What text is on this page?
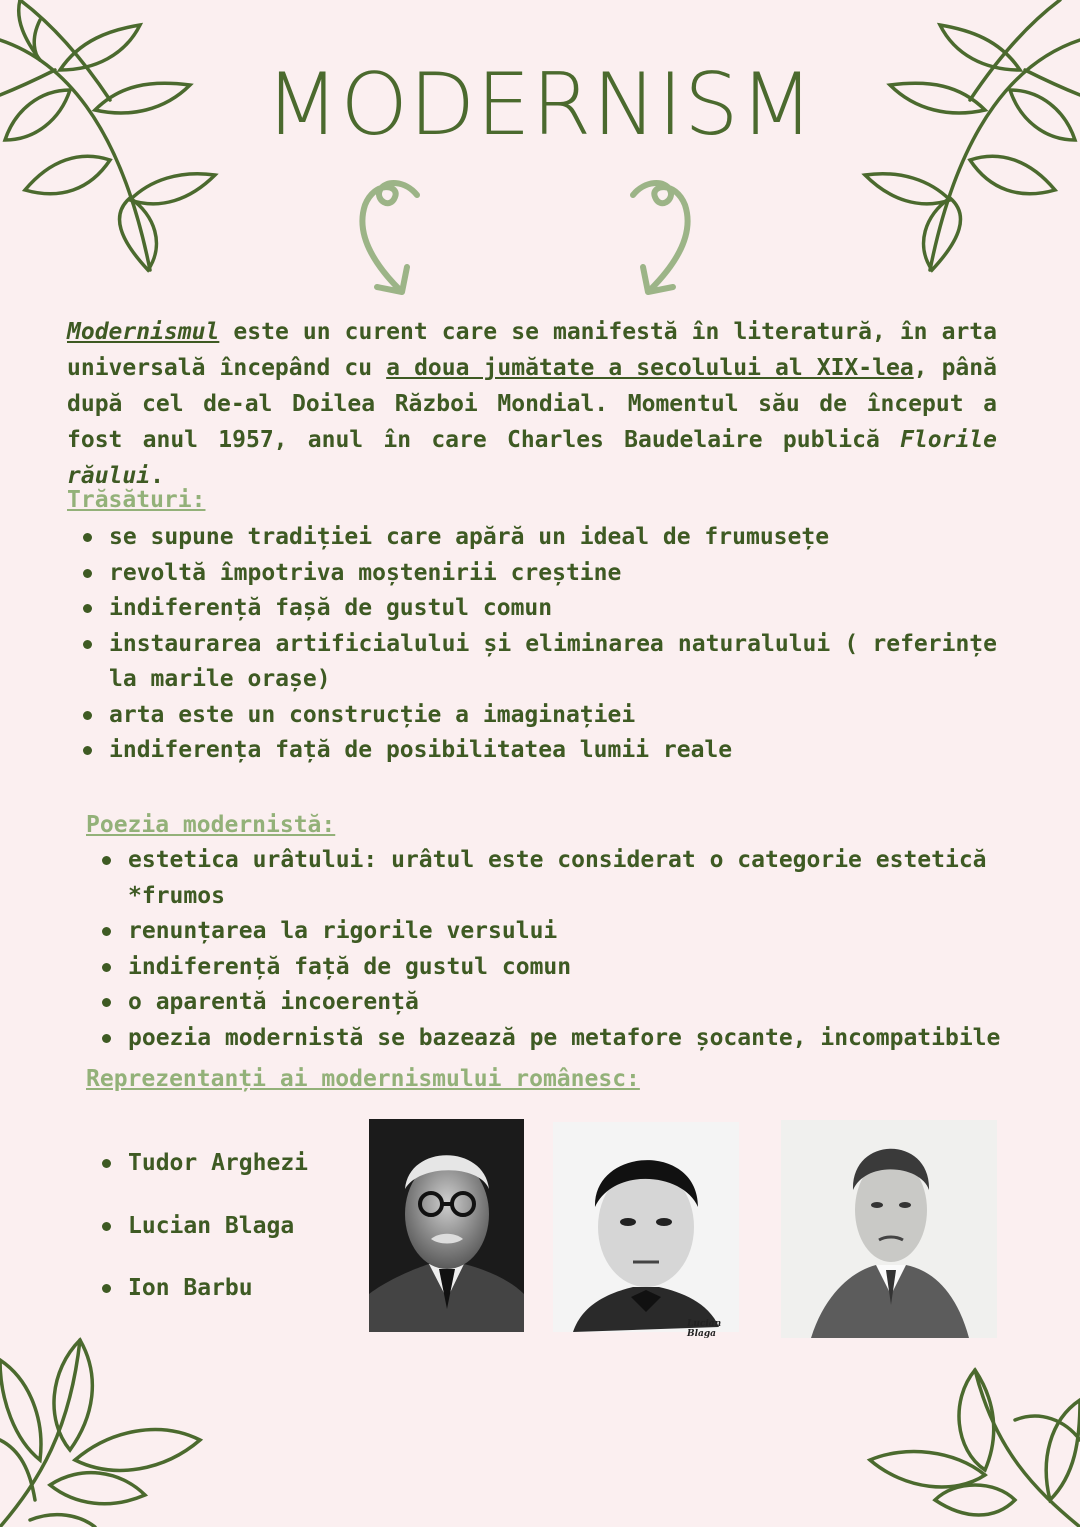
MODERNISM
Modernismul este un curent care se manifestă în literatură, în arta universală începând cu a doua jumătate a secolului al XIX-lea, până după cel de-al Doilea Război Mondial. Momentul său de început a fost anul 1957, anul în care Charles Baudelaire publică Florile răului.
Trăsături:
se supune tradiției care apără un ideal de frumusețe
revoltă împotriva moștenirii creștine
indiferență fașă de gustul comun
instaurarea artificialului și eliminarea naturalului ( referințe la marile orașe)
arta este un construcție a imaginației
indiferența față de posibilitatea lumii reale
Poezia modernistă:
estetica urâtului: urâtul este considerat o categorie estetică *frumos
renunțarea la rigorile versului
indiferență față de gustul comun
o aparentă incoerență
poezia modernistă se bazează pe metafore șocante, incompatibile
Reprezentanți ai modernismului românesc:
Tudor Arghezi
Lucian Blaga
Ion Barbu
Lucian Blaga
